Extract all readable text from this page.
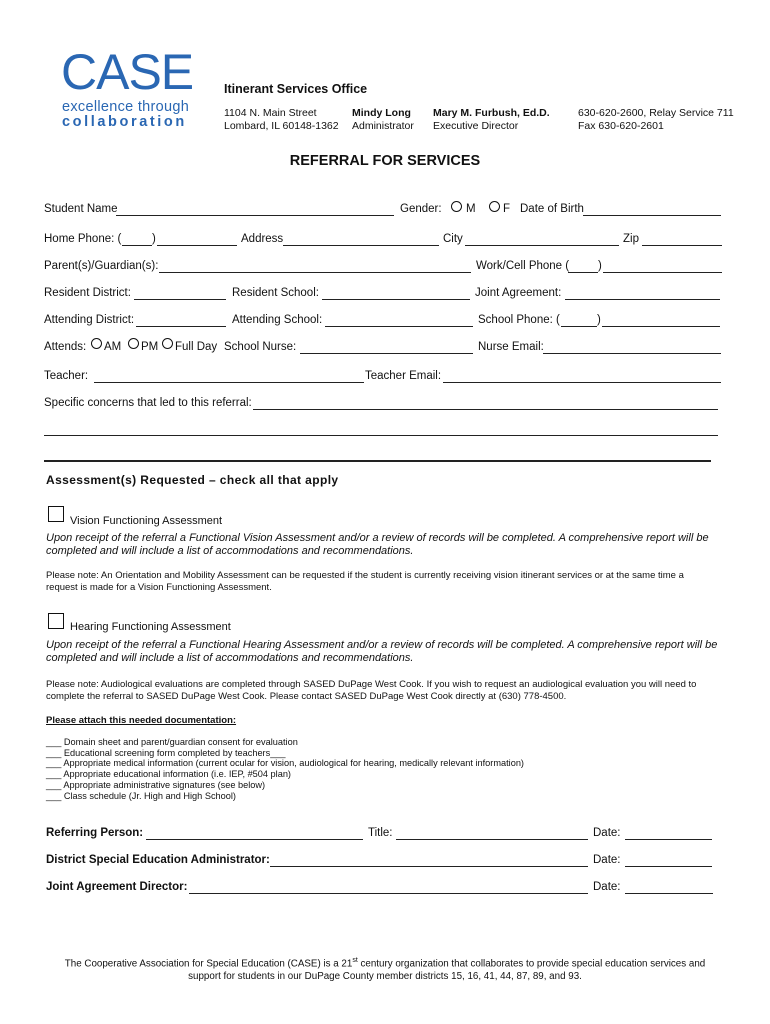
CASE
excellence through
collaboration
Itinerant Services Office
1104 N. Main Street
Lombard, IL 60148-1362
Mindy Long
Administrator
Mary M. Furbush, Ed.D.
Executive Director
630-620-2600, Relay Service 711
Fax 630-620-2601
REFERRAL FOR SERVICES
Student Name	Gender: M F Date of Birth
Home Phone: (	)	Address	City	Zip
Parent(s)/Guardian(s):	Work/Cell Phone (	)
Resident District:	Resident School:	Joint Agreement:
Attending District:	Attending School:	School Phone: (	)
Attends: AM PM Full Day School Nurse:	Nurse Email:
Teacher:	Teacher Email:
Specific concerns that led to this referral:
Assessment(s) Requested – check all that apply
Vision Functioning Assessment
Upon receipt of the referral a Functional Vision Assessment and/or a review of records will be completed. A comprehensive report will be completed and will include a list of accommodations and recommendations.
Please note: An Orientation and Mobility Assessment can be requested if the student is currently receiving vision itinerant services or at the same time a request is made for a Vision Functioning Assessment.
Hearing Functioning Assessment
Upon receipt of the referral a Functional Hearing Assessment and/or a review of records will be completed. A comprehensive report will be completed and will include a list of accommodations and recommendations.
Please note: Audiological evaluations are completed through SASED DuPage West Cook. If you wish to request an audiological evaluation you will need to complete the referral to SASED DuPage West Cook. Please contact SASED DuPage West Cook directly at (630) 778-4500.
Please attach this needed documentation:
___ Domain sheet and parent/guardian consent for evaluation
___ Educational screening form completed by teachers___
___ Appropriate medical information (current ocular for vision, audiological for hearing, medically relevant information)
___ Appropriate educational information (i.e. IEP, #504 plan)
___ Appropriate administrative signatures (see below)
___ Class schedule (Jr. High and High School)
Referring Person:	Title:	Date:
District Special Education Administrator:	Date:
Joint Agreement Director:	Date:
The Cooperative Association for Special Education (CASE) is a 21st century organization that collaborates to provide special education services and
support for students in our DuPage County member districts 15, 16, 41, 44, 87, 89, and 93.
